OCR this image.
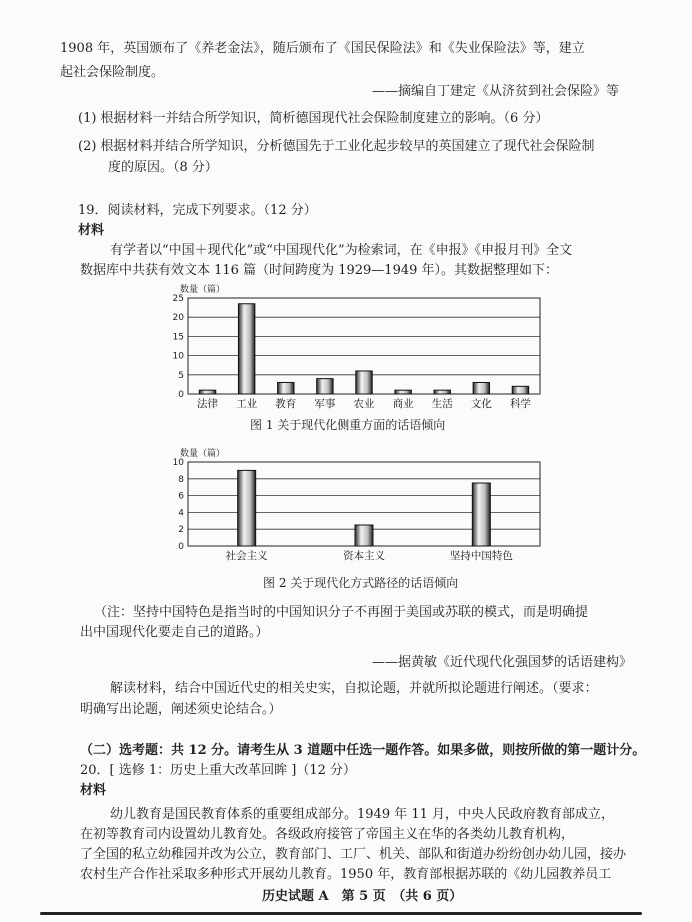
1908 年，英国颁布了《养老金法》，随后颁布了《国民保险法》和《失业保险法》等，建立
起社会保险制度。
——摘编自丁建定《从济贫到社会保险》等
(1) 根据材料一并结合所学知识，简析德国现代社会保险制度建立的影响。（6 分）
(2) 根据材料并结合所学知识，分析德国先于工业化起步较早的英国建立了现代社会保险制
度的原因。（8 分）
19．阅读材料，完成下列要求。（12 分）
材料
有学者以“中国＋现代化”或“中国现代化”为检索词，在《申报》《申报月刊》全文
数据库中共获有效文本 116 篇（时间跨度为 1929—1949 年）。其数据整理如下：
数量（篇）
0
5
10
15
20
25
法律 工业 教育 军事 农业 商业 生活 文化 科学
图 1 关于现代化侧重方面的话语倾向
数量（篇）
0
2
4
6
8
10
社会主义	资本主义	坚持中国特色
图 2 关于现代化方式路径的话语倾向
（注：坚持中国特色是指当时的中国知识分子不再囿于美国或苏联的模式，而是明确提
出中国现代化要走自己的道路。）
——据黄敏《近代现代化强国梦的话语建构》
解读材料，结合中国近代史的相关史实，自拟论题，并就所拟论题进行阐述。（要求：
明确写出论题，阐述须史论结合。）
（二）选考题：共 12 分。请考生从 3 道题中任选一题作答。如果多做，则按所做的第一题计分。
20．[ 选修 1：历史上重大改革回眸 ]（12 分）
材料
幼儿教育是国民教育体系的重要组成部分。1949 年 11 月，中央人民政府教育部成立，
在初等教育司内设置幼儿教育处。各级政府接管了帝国主义在华的各类幼儿教育机构，
了全国的私立幼稚园并改为公立，教育部门、工厂、机关、部队和街道办纷纷创办幼儿园，接办
农村生产合作社采取多种形式开展幼儿教育。1950 年，教育部根据苏联的《幼儿园教养员工
历史试题 A　第 5 页　（共 6 页）
